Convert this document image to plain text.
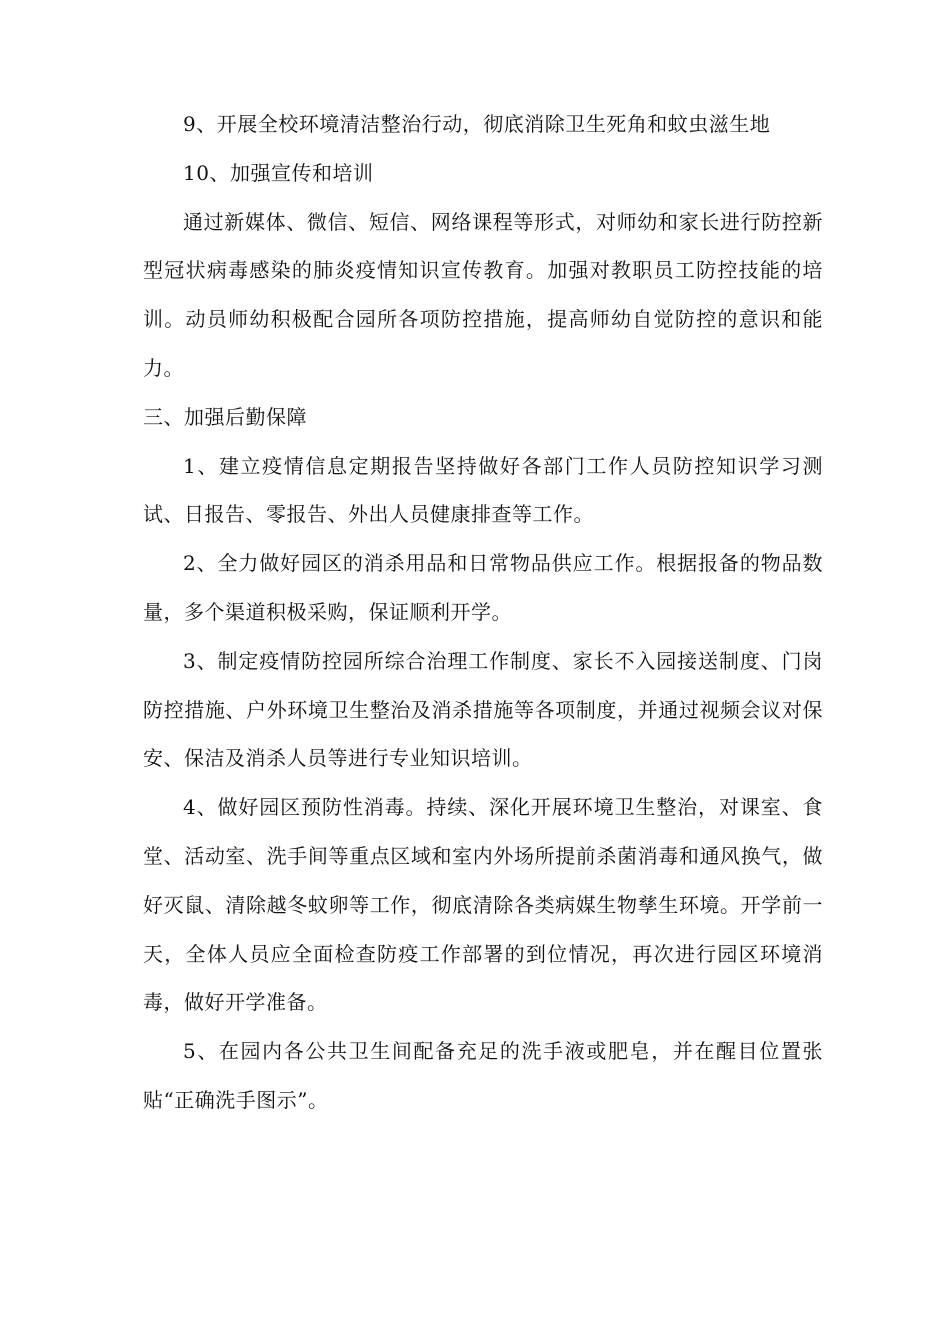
9、开展全校环境清洁整治行动，彻底消除卫生死角和蚊虫滋生地

10、加强宣传和培训

通过新媒体、微信、短信、网络课程等形式，对师幼和家长进行防控新型冠状病毒感染的肺炎疫情知识宣传教育。加强对教职员工防控技能的培训。动员师幼积极配合园所各项防控措施，提高师幼自觉防控的意识和能力。

三、加强后勤保障

1、建立疫情信息定期报告坚持做好各部门工作人员防控知识学习测试、日报告、零报告、外出人员健康排查等工作。

2、全力做好园区的消杀用品和日常物品供应工作。根据报备的物品数量，多个渠道积极采购，保证顺利开学。

3、制定疫情防控园所综合治理工作制度、家长不入园接送制度、门岗防控措施、户外环境卫生整治及消杀措施等各项制度，并通过视频会议对保安、保洁及消杀人员等进行专业知识培训。

4、做好园区预防性消毒。持续、深化开展环境卫生整治，对课室、食堂、活动室、洗手间等重点区域和室内外场所提前杀菌消毒和通风换气，做好灭鼠、清除越冬蚊卵等工作，彻底清除各类病媒生物孳生环境。开学前一天，全体人员应全面检查防疫工作部署的到位情况，再次进行园区环境消毒，做好开学准备。

5、在园内各公共卫生间配备充足的洗手液或肥皂，并在醒目位置张贴“正确洗手图示”。
